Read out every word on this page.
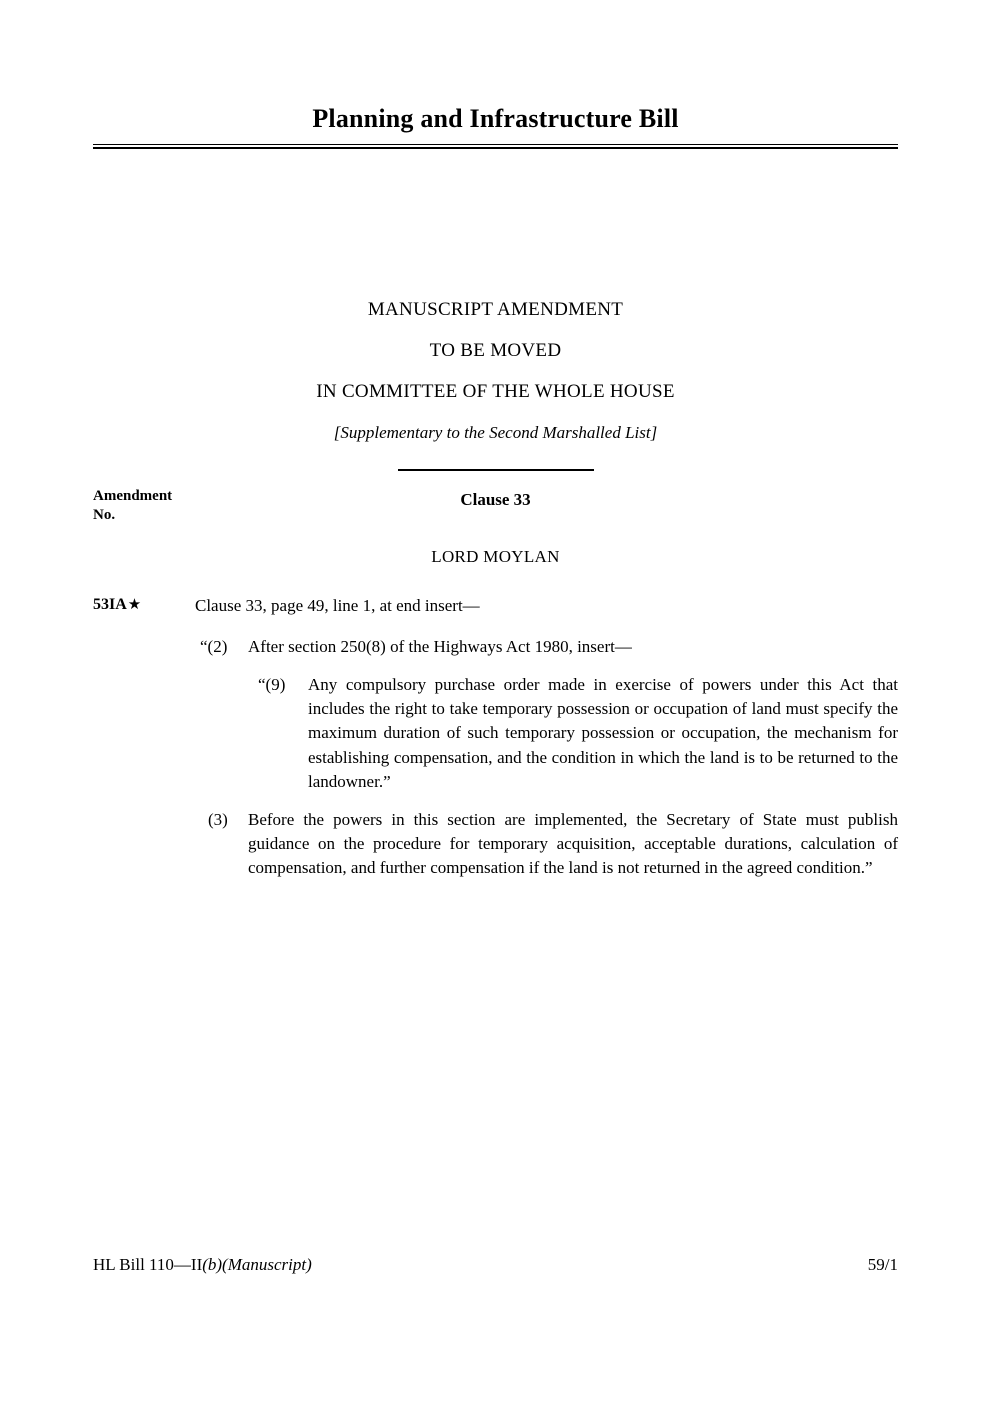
Planning and Infrastructure Bill
MANUSCRIPT AMENDMENT
TO BE MOVED
IN COMMITTEE OF THE WHOLE HOUSE
[Supplementary to the Second Marshalled List]
Amendment
No.
Clause 33
LORD MOYLAN
53IA★	Clause 33, page 49, line 1, at end insert—
“(2) After section 250(8) of the Highways Act 1980, insert—
“(9) Any compulsory purchase order made in exercise of powers under this Act that includes the right to take temporary possession or occupation of land must specify the maximum duration of such temporary possession or occupation, the mechanism for establishing compensation, and the condition in which the land is to be returned to the landowner.”
(3) Before the powers in this section are implemented, the Secretary of State must publish guidance on the procedure for temporary acquisition, acceptable durations, calculation of compensation, and further compensation if the land is not returned in the agreed condition.”
HL Bill 110—II(b)(Manuscript)	59/1
